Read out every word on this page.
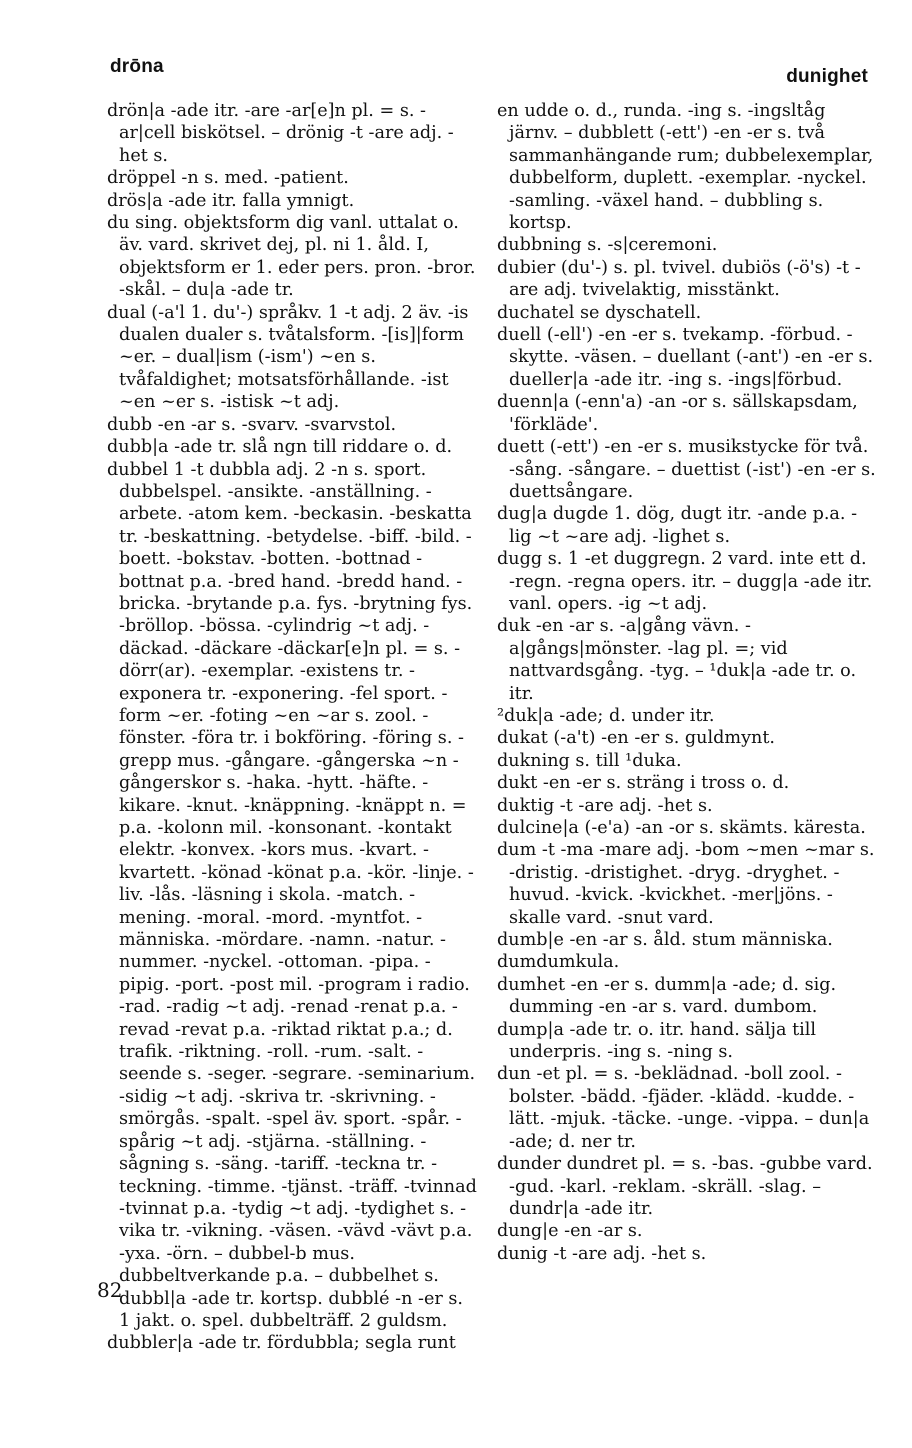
drōna	dunighet

drön|a -ade itr. -are -ar[e]n pl. = s. -ar|cell biskötsel. – drönig -t -are adj. -het s.

dröppel -n s. med. -patient.

drös|a -ade itr. falla ymnigt.

du sing. objektsform dig vanl. uttalat o. äv. vard. skrivet dej, pl. ni 1. åld. I, objektsform er 1. eder pers. pron. -bror. -skål. – du|a -ade tr.

dual (-a'l 1. du'-) språkv. 1 -t adj. 2 äv. -is dualen dualer s. tvåtalsform. -[is]|form ~er. – dual|ism (-ism') ~en s. tvåfaldighet; motsatsförhållande. -ist ~en ~er s. -istisk ~t adj.

dubb -en -ar s. -svarv. -svarvstol.

dubb|a -ade tr. slå ngn till riddare o. d.

dubbel 1 -t dubbla adj. 2 -n s. sport. dubbelspel. -ansikte. -anställning. -arbete. -atom kem. -beckasin. -beskatta tr. -beskattning. -betydelse. -biff. -bild. -boett. -bokstav. -botten. -bottnad -bottnat p.a. -bred hand. -bredd hand. -bricka. -brytande p.a. fys. -brytning fys. -bröllop. -bössa. -cylindrig ~t adj. -däckad. -däckare -däckar[e]n pl. = s. -dörr(ar). -exemplar. -existens tr. -exponera tr. -exponering. -fel sport. -form ~er. -foting ~en ~ar s. zool. -fönster. -föra tr. i bokföring. -föring s. -grepp mus. -gångare. -gångerska ~n -gångerskor s. -haka. -hytt. -häfte. -kikare. -knut. -knäppning. -knäppt n. = p.a. -kolonn mil. -konsonant. -kontakt elektr. -konvex. -kors mus. -kvart. -kvartett. -könad -könat p.a. -kör. -linje. -liv. -lås. -läsning i skola. -match. -mening. -moral. -mord. -myntfot. -människa. -mördare. -namn. -natur. -nummer. -nyckel. -ottoman. -pipa. -pipig. -port. -post mil. -program i radio. -rad. -radig ~t adj. -renad -renat p.a. -revad -revat p.a. -riktad riktat p.a.; d. trafik. -riktning. -roll. -rum. -salt. -seende s. -seger. -segrare. -seminarium. -sidig ~t adj. -skriva tr. -skrivning. -smörgås. -spalt. -spel äv. sport. -spår. -spårig ~t adj. -stjärna. -ställning. -sågning s. -säng. -tariff. -teckna tr. -teckning. -timme. -tjänst. -träff. -tvinnad -tvinnat p.a. -tydig ~t adj. -tydighet s. -vika tr. -vikning. -väsen. -vävd -vävt p.a. -yxa. -örn. – dubbel-b mus. dubbeltverkande p.a. – dubbelhet s. dubbl|a -ade tr. kortsp. dubblé -n -er s. 1 jakt. o. spel. dubbelträff. 2 guldsm.

dubbler|a -ade tr. fördubbla; segla runt

en udde o. d., runda. -ing s. -ingsltåg järnv. – dubblett (-ett') -en -er s. två sammanhängande rum; dubbelexemplar, dubbelform, duplett. -exemplar. -nyckel. -samling. -växel hand. – dubbling s. kortsp.

dubbning s. -s|ceremoni.

dubier (du'-) s. pl. tvivel. dubiös (-ö's) -t -are adj. tvivelaktig, misstänkt.

duchatel se dyschatell.

duell (-ell') -en -er s. tvekamp. -förbud. -skytte. -väsen. – duellant (-ant') -en -er s. dueller|a -ade itr. -ing s. -ings|förbud.

duenn|a (-enn'a) -an -or s. sällskapsdam, 'förkläde'.

duett (-ett') -en -er s. musikstycke för två. -sång. -sångare. – duettist (-ist') -en -er s. duettsångare.

dug|a dugde 1. dög, dugt itr. -ande p.a. -lig ~t ~are adj. -lighet s.

dugg s. 1 -et duggregn. 2 vard. inte ett d. -regn. -regna opers. itr. – dugg|a -ade itr. vanl. opers. -ig ~t adj.

duk -en -ar s. -a|gång vävn. -a|gångs|mönster. -lag pl. =; vid nattvardsgång. -tyg. – ¹duk|a -ade tr. o. itr.

²duk|a -ade; d. under itr.

dukat (-a't) -en -er s. guldmynt.

dukning s. till ¹duka.

dukt -en -er s. sträng i tross o. d.

duktig -t -are adj. -het s.

dulcine|a (-e'a) -an -or s. skämts. käresta.

dum -t -ma -mare adj. -bom ~men ~mar s. -dristig. -dristighet. -dryg. -dryghet. -huvud. -kvick. -kvickhet. -mer|jöns. -skalle vard. -snut vard.

dumb|e -en -ar s. åld. stum människa.

dumdumkula.

dumhet -en -er s. dumm|a -ade; d. sig. dumming -en -ar s. vard. dumbom.

dump|a -ade tr. o. itr. hand. sälja till underpris. -ing s. -ning s.

dun -et pl. = s. -beklädnad. -boll zool. -bolster. -bädd. -fjäder. -klädd. -kudde. -lätt. -mjuk. -täcke. -unge. -vippa. – dun|a -ade; d. ner tr.

dunder dundret pl. = s. -bas. -gubbe vard. -gud. -karl. -reklam. -skräll. -slag. – dundr|a -ade itr.

dung|e -en -ar s.

dunig -t -are adj. -het s.

82
